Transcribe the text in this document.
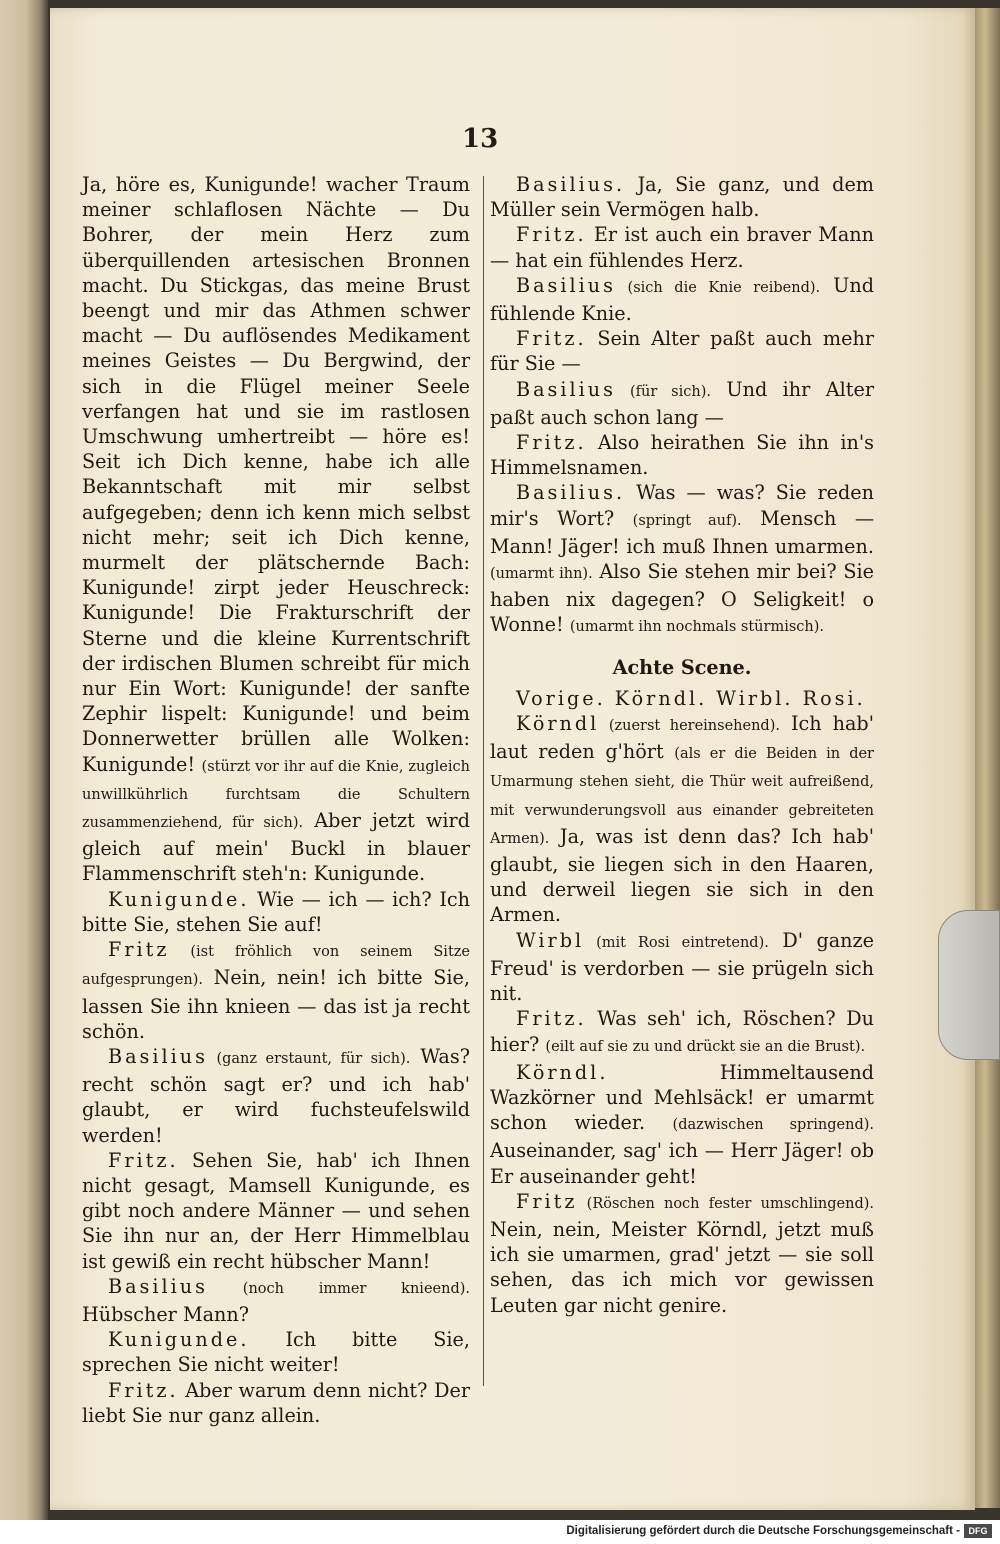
13

Ja, höre es, Kunigunde! wacher Traum meiner schlaflosen Nächte — Du Bohrer, der mein Herz zum überquillenden artesischen Bronnen macht. Du Stickgas, das meine Brust beengt und mir das Athmen schwer macht — Du auflösendes Medikament meines Geistes — Du Bergwind, der sich in die Flügel meiner Seele verfangen hat und sie im rastlosen Umschwung umhertreibt — höre es! Seit ich Dich kenne, habe ich alle Bekanntschaft mit mir selbst aufgegeben; denn ich kenn mich selbst nicht mehr; seit ich Dich kenne, murmelt der plätschernde Bach: Kunigunde! zirpt jeder Heuschreck: Kunigunde! Die Frakturschrift der Sterne und die kleine Kurrentschrift der irdischen Blumen schreibt für mich nur Ein Wort: Kunigunde! der sanfte Zephir lispelt: Kunigunde! und beim Donnerwetter brüllen alle Wolken: Kunigunde! (stürzt vor ihr auf die Knie, zugleich unwillkührlich furchtsam die Schultern zusammenziehend, für sich). Aber jetzt wird gleich auf mein' Buckl in blauer Flammenschrift steh'n: Kunigunde.

Kunigunde. Wie — ich — ich? Ich bitte Sie, stehen Sie auf!

Fritz (ist fröhlich von seinem Sitze aufgesprungen). Nein, nein! ich bitte Sie, lassen Sie ihn knieen — das ist ja recht schön.

Basilius (ganz erstaunt, für sich). Was? recht schön sagt er? und ich hab' glaubt, er wird fuchsteufelswild werden!

Fritz. Sehen Sie, hab' ich Ihnen nicht gesagt, Mamsell Kunigunde, es gibt noch andere Männer — und sehen Sie ihn nur an, der Herr Himmelblau ist gewiß ein recht hübscher Mann!

Basilius (noch immer knieend). Hübscher Mann?

Kunigunde. Ich bitte Sie, sprechen Sie nicht weiter!

Fritz. Aber warum denn nicht? Der liebt Sie nur ganz allein.

Basilius. Ja, Sie ganz, und dem Müller sein Vermögen halb.

Fritz. Er ist auch ein braver Mann — hat ein fühlendes Herz.

Basilius (sich die Knie reibend). Und fühlende Knie.

Fritz. Sein Alter paßt auch mehr für Sie —

Basilius (für sich). Und ihr Alter paßt auch schon lang —

Fritz. Also heirathen Sie ihn in's Himmelsnamen.

Basilius. Was — was? Sie reden mir's Wort? (springt auf). Mensch — Mann! Jäger! ich muß Ihnen umarmen. (umarmt ihn). Also Sie stehen mir bei? Sie haben nix dagegen? O Seligkeit! o Wonne! (umarmt ihn nochmals stürmisch).

Achte Scene.

Vorige. Körndl. Wirbl. Rosi.

Körndl (zuerst hereinsehend). Ich hab' laut reden g'hört (als er die Beiden in der Umarmung stehen sieht, die Thür weit aufreißend, mit verwunderungsvoll aus einander gebreiteten Armen). Ja, was ist denn das? Ich hab' glaubt, sie liegen sich in den Haaren, und derweil liegen sie sich in den Armen.

Wirbl (mit Rosi eintretend). D' ganze Freud' is verdorben — sie prügeln sich nit.

Fritz. Was seh' ich, Röschen? Du hier? (eilt auf sie zu und drückt sie an die Brust).

Körndl. Himmeltausend Wazkörner und Mehlsäck! er umarmt schon wieder. (dazwischen springend). Auseinander, sag' ich — Herr Jäger! ob Er auseinander geht!

Fritz (Röschen noch fester umschlingend). Nein, nein, Meister Körndl, jetzt muß ich sie umarmen, grad' jetzt — sie soll sehen, das ich mich vor gewissen Leuten gar nicht genire.

Digitalisierung gefördert durch die Deutsche Forschungsgemeinschaft - DFG
